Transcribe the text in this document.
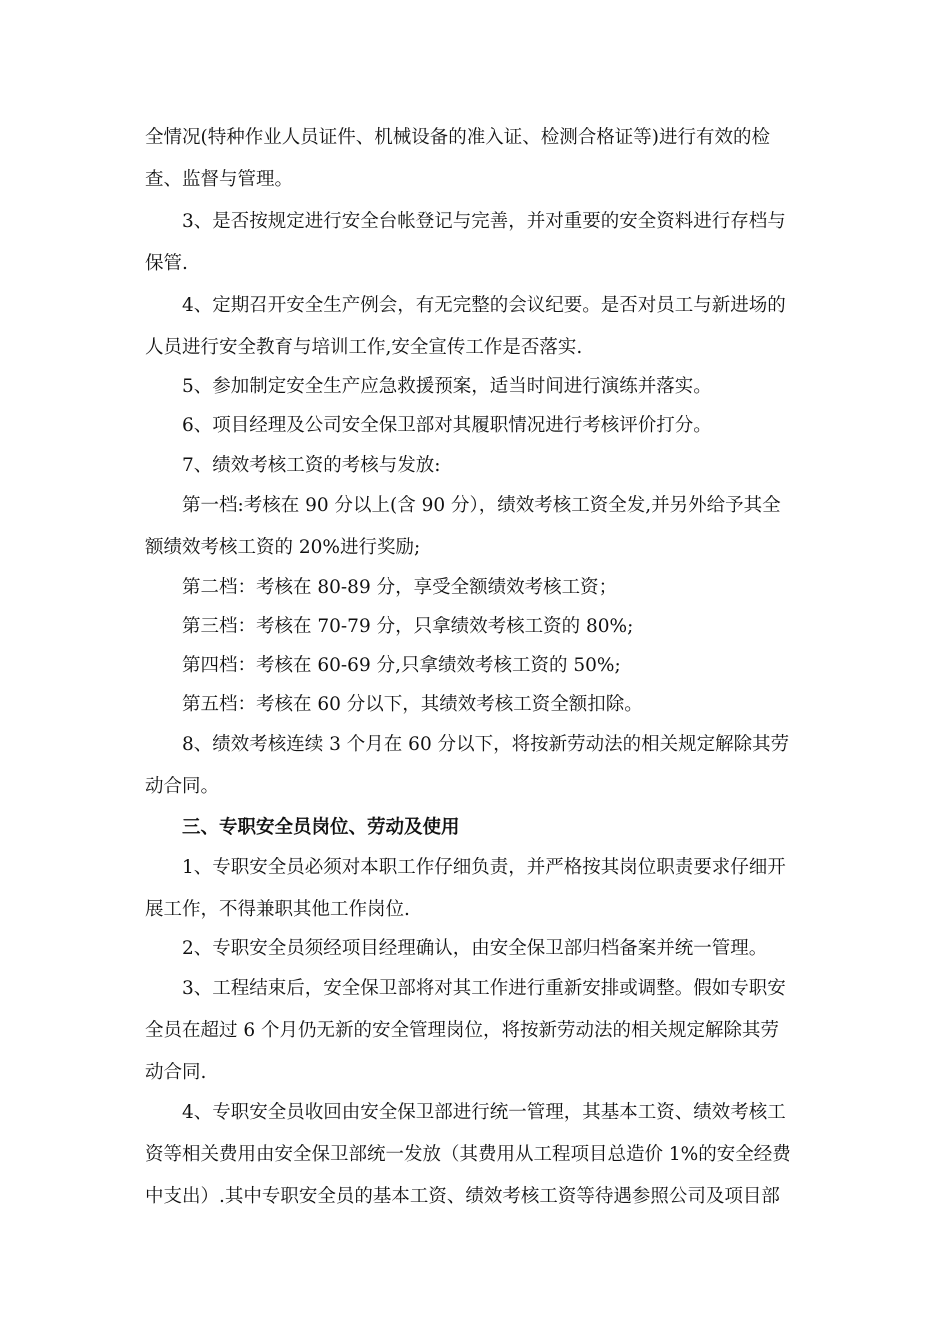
全情况(特种作业人员证件、机械设备的准入证、检测合格证等)进行有效的检
查、监督与管理。
3、是否按规定进行安全台帐登记与完善，并对重要的安全资料进行存档与
保管.
4、定期召开安全生产例会，有无完整的会议纪要。是否对员工与新进场的
人员进行安全教育与培训工作,安全宣传工作是否落实.
5、参加制定安全生产应急救援预案，适当时间进行演练并落实。
6、项目经理及公司安全保卫部对其履职情况进行考核评价打分。
7、绩效考核工资的考核与发放:
第一档:考核在 90 分以上(含 90 分），绩效考核工资全发,并另外给予其全
额绩效考核工资的 20%进行奖励;
第二档：考核在 80-89 分，享受全额绩效考核工资；
第三档：考核在 70-79 分，只拿绩效考核工资的 80%;
第四档：考核在 60-69 分,只拿绩效考核工资的 50%;
第五档：考核在 60 分以下，其绩效考核工资全额扣除。
8、绩效考核连续 3 个月在 60 分以下，将按新劳动法的相关规定解除其劳
动合同。
三、专职安全员岗位、劳动及使用
1、专职安全员必须对本职工作仔细负责，并严格按其岗位职责要求仔细开
展工作，不得兼职其他工作岗位.
2、专职安全员须经项目经理确认，由安全保卫部归档备案并统一管理。
3、工程结束后，安全保卫部将对其工作进行重新安排或调整。假如专职安
全员在超过 6 个月仍无新的安全管理岗位，将按新劳动法的相关规定解除其劳
动合同.
4、专职安全员收回由安全保卫部进行统一管理，其基本工资、绩效考核工
资等相关费用由安全保卫部统一发放（其费用从工程项目总造价 1%的安全经费
中支出）.其中专职安全员的基本工资、绩效考核工资等待遇参照公司及项目部
